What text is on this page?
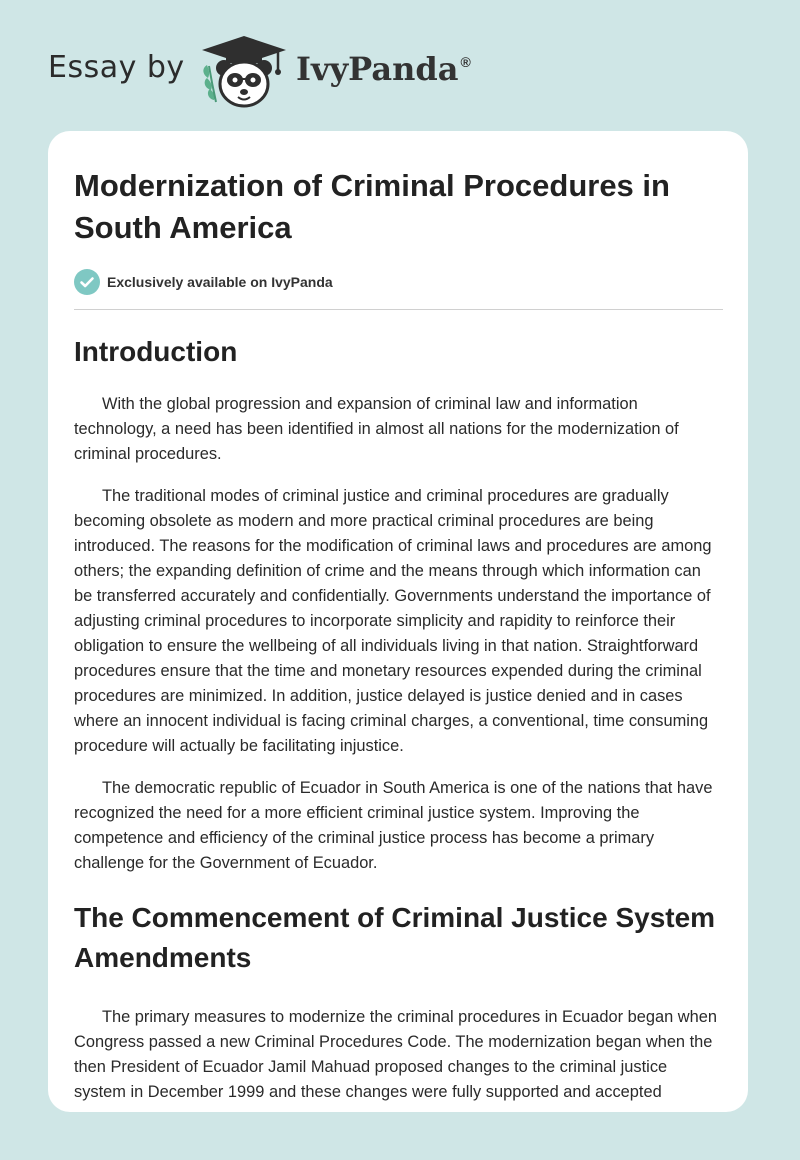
Essay by	IvyPanda ®
Modernization of Criminal Procedures in South America
Exclusively available on IvyPanda
Introduction

With the global progression and expansion of criminal law and information technology, a need has been identified in almost all nations for the modernization of criminal procedures.

The traditional modes of criminal justice and criminal procedures are gradually becoming obsolete as modern and more practical criminal procedures are being introduced. The reasons for the modification of criminal laws and procedures are among others; the expanding definition of crime and the means through which information can be transferred accurately and confidentially. Governments understand the importance of adjusting criminal procedures to incorporate simplicity and rapidity to reinforce their obligation to ensure the wellbeing of all individuals living in that nation. Straightforward procedures ensure that the time and monetary resources expended during the criminal procedures are minimized. In addition, justice delayed is justice denied and in cases where an innocent individual is facing criminal charges, a conventional, time consuming procedure will actually be facilitating injustice.

The democratic republic of Ecuador in South America is one of the nations that have recognized the need for a more efficient criminal justice system. Improving the competence and efficiency of the criminal justice process has become a primary challenge for the Government of Ecuador.

The Commencement of Criminal Justice System Amendments

The primary measures to modernize the criminal procedures in Ecuador began when Congress passed a new Criminal Procedures Code. The modernization began when the then President of Ecuador Jamil Mahuad proposed changes to the criminal justice system in December 1999 and these changes were fully supported and accepted
